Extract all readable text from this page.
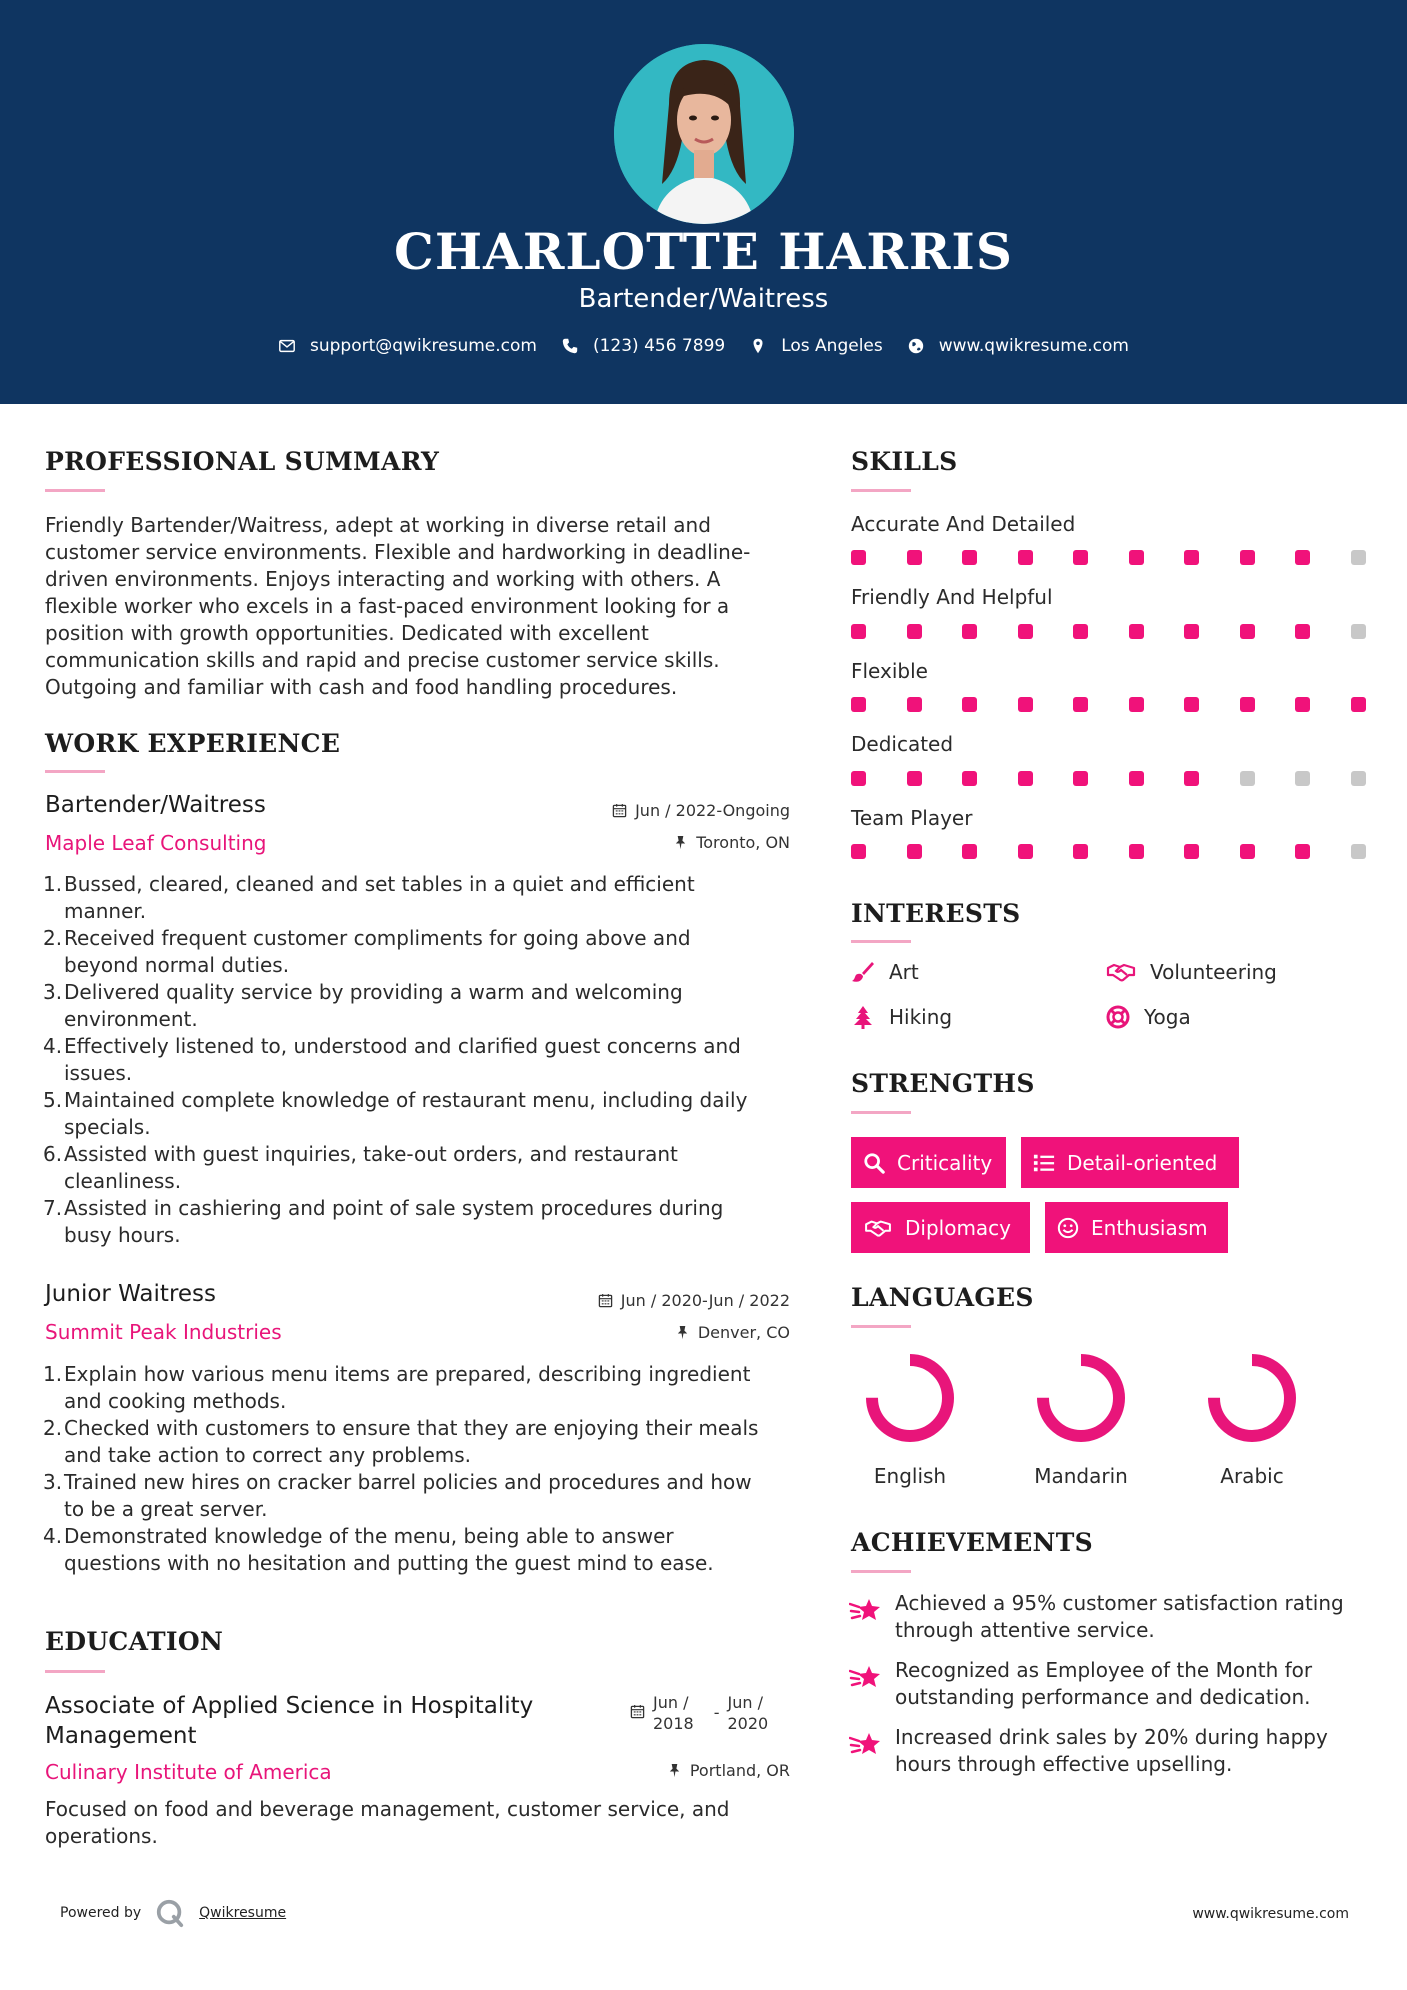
CHARLOTTE HARRIS
Bartender/Waitress
support@qwikresume.com	(123) 456 7899	Los Angeles	www.qwikresume.com
PROFESSIONAL SUMMARY
Friendly Bartender/Waitress, adept at working in diverse retail and
customer service environments. Flexible and hardworking in deadline-
driven environments. Enjoys interacting and working with others. A
flexible worker who excels in a fast-paced environment looking for a
position with growth opportunities. Dedicated with excellent
communication skills and rapid and precise customer service skills.
Outgoing and familiar with cash and food handling procedures.
WORK EXPERIENCE
Bartender/Waitress	Jun / 2022-Ongoing
Maple Leaf Consulting	Toronto, ON
1. Bussed, cleared, cleaned and set tables in a quiet and efficient
manner.
2. Received frequent customer compliments for going above and
beyond normal duties.
3. Delivered quality service by providing a warm and welcoming
environment.
4. Effectively listened to, understood and clarified guest concerns and
issues.
5. Maintained complete knowledge of restaurant menu, including daily
specials.
6. Assisted with guest inquiries, take-out orders, and restaurant
cleanliness.
7. Assisted in cashiering and point of sale system procedures during
busy hours.
Junior Waitress	Jun / 2020-Jun / 2022
Summit Peak Industries	Denver, CO
1. Explain how various menu items are prepared, describing ingredient
and cooking methods.
2. Checked with customers to ensure that they are enjoying their meals
and take action to correct any problems.
3. Trained new hires on cracker barrel policies and procedures and how
to be a great server.
4. Demonstrated knowledge of the menu, being able to answer
questions with no hesitation and putting the guest mind to ease.
EDUCATION
Associate of Applied Science in Hospitality
Management
Jun /
2018
-
Jun /
2020
Culinary Institute of America	Portland, OR
Focused on food and beverage management, customer service, and
operations.
SKILLS
Accurate And Detailed
Friendly And Helpful
Flexible
Dedicated
Team Player
INTERESTS
Art	Volunteering
Hiking	Yoga
STRENGTHS
Criticality	Detail-oriented
Diplomacy	Enthusiasm
LANGUAGES
English	Mandarin	Arabic
ACHIEVEMENTS
Achieved a 95% customer satisfaction rating
through attentive service.
Recognized as Employee of the Month for
outstanding performance and dedication.
Increased drink sales by 20% during happy
hours through effective upselling.
Powered by	Qwikresume	www.qwikresume.com
